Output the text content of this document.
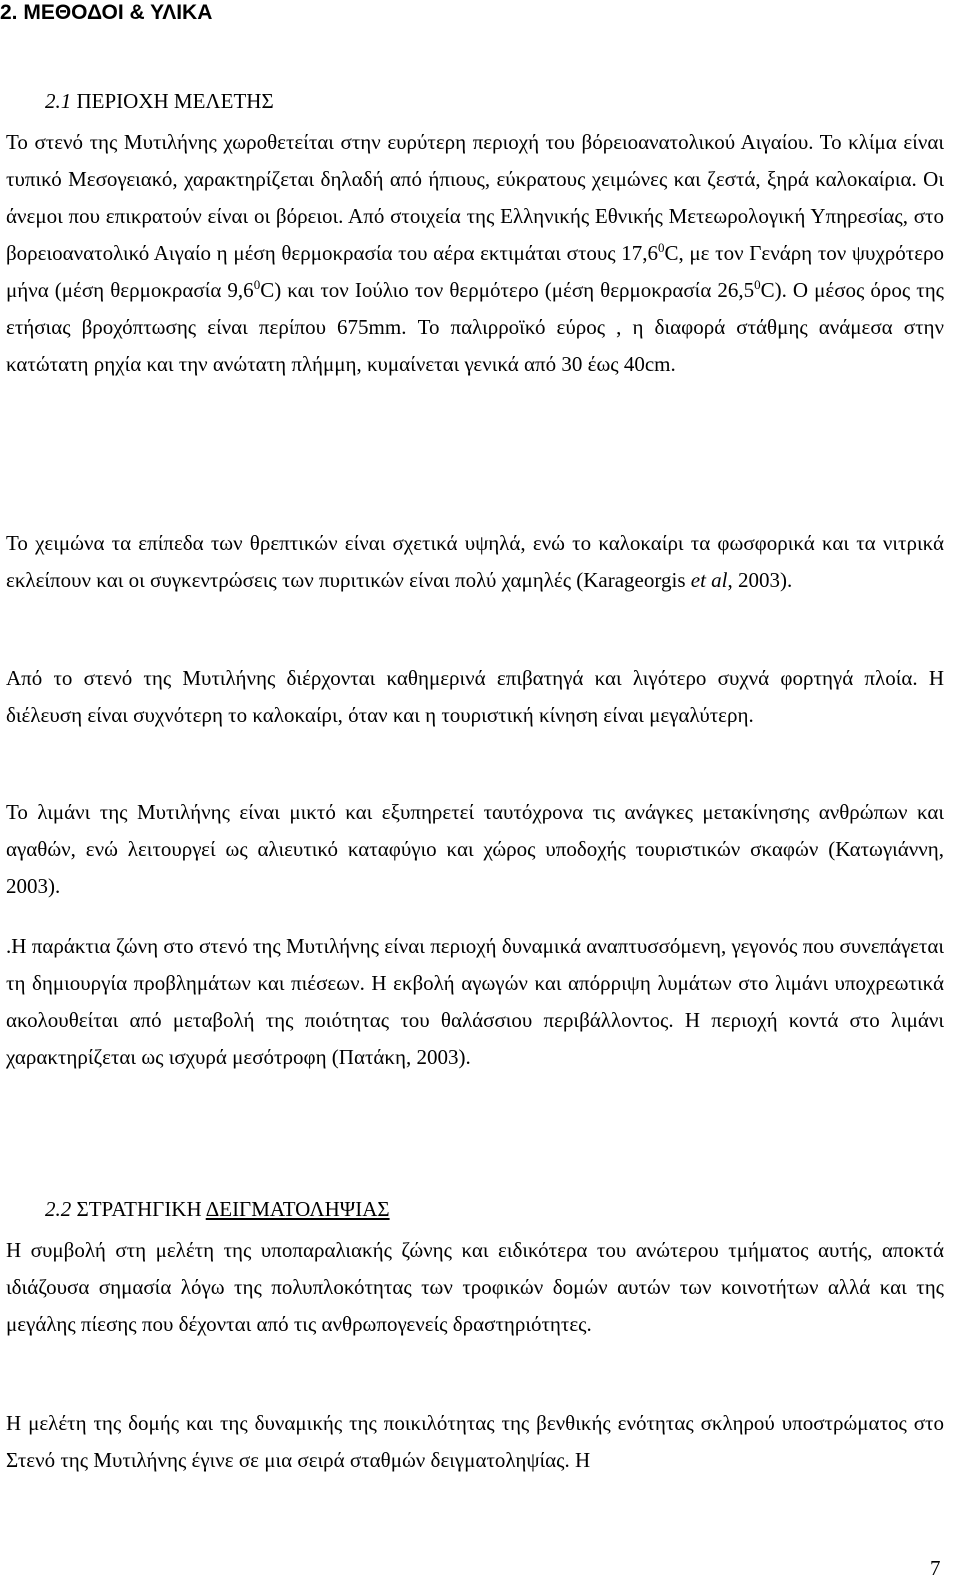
2. ΜΕΘΟΔΟΙ & ΥΛΙΚΑ
2.1 ΠΕΡΙΟΧΗ ΜΕΛΕΤΗΣ

Το στενό της Μυτιλήνης χωροθετείται στην ευρύτερη περιοχή του βόρειοανατολικού Αιγαίου. Το κλίμα είναι τυπικό Μεσογειακό, χαρακτηρίζεται δηλαδή από ήπιους, εύκρατους χειμώνες και ζεστά, ξηρά καλοκαίρια. Οι άνεμοι που επικρατούν είναι οι βόρειοι. Από στοιχεία της Ελληνικής Εθνικής Μετεωρολογική Υπηρεσίας, στο βορειοανατολικό Αιγαίο η μέση θερμοκρασία του αέρα εκτιμάται στους 17,6$^0$C, με τον Γενάρη τον ψυχρότερο μήνα (μέση θερμοκρασία $9,6^0C$) και τον Ιούλιο τον θερμότερο (μέση θερμοκρασία 26,5$^0$C). Ο μέσος όρος της ετήσιας βροχόπτωσης είναι περίπου 675mm. Το παλιρροϊκό εύρος , η διαφορά στάθμης ανάμεσα στην κατώτατη ρηχία και την ανώτατη πλήμμη, κυμαίνεται γενικά από 30 έως 40cm.

Το χειμώνα τα επίπεδα των θρεπτικών είναι σχετικά υψηλά, ενώ το καλοκαίρι τα φωσφορικά και τα νιτρικά εκλείπουν και οι συγκεντρώσεις των πυριτικών είναι πολύ χαμηλές (Karageorgis et al, 2003).

Από το στενό της Μυτιλήνης διέρχονται καθημερινά επιβατηγά και λιγότερο συχνά φορτηγά πλοία. Η διέλευση είναι συχνότερη το καλοκαίρι, όταν και η τουριστική κίνηση είναι μεγαλύτερη.

Το λιμάνι της Μυτιλήνης είναι μικτό και εξυπηρετεί ταυτόχρονα τις ανάγκες μετακίνησης ανθρώπων και αγαθών, ενώ λειτουργεί ως αλιευτικό καταφύγιο και χώρος υποδοχής τουριστικών σκαφών (Κατωγιάννη, 2003).

.Η παράκτια ζώνη στο στενό της Μυτιλήνης είναι περιοχή δυναμικά αναπτυσσόμενη, γεγονός που συνεπάγεται τη δημιουργία προβλημάτων και πιέσεων. Η εκβολή αγωγών και απόρριψη λυμάτων στο λιμάνι υποχρεωτικά ακολουθείται από μεταβολή της ποιότητας του θαλάσσιου περιβάλλοντος. Η περιοχή κοντά στο λιμάνι χαρακτηρίζεται ως ισχυρά μεσότροφη (Πατάκη, 2003).

2.2 ΣΤΡΑΤΗΓΙΚΗ ΔΕΙΓΜΑΤΟΛΗΨΙΑΣ

Η συμβολή στη μελέτη της υποπαραλιακής ζώνης και ειδικότερα του ανώτερου τμήματος αυτής, αποκτά ιδιάζουσα σημασία λόγω της πολυπλοκότητας των τροφικών δομών αυτών των κοινοτήτων αλλά και της μεγάλης πίεσης που δέχονται από τις ανθρωπογενείς δραστηριότητες.

Η μελέτη της δομής και της δυναμικής της ποικιλότητας της βενθικής ενότητας σκληρού υποστρώματος στο Στενό της Μυτιλήνης έγινε σε μια σειρά σταθμών δειγματοληψίας. Η

7
